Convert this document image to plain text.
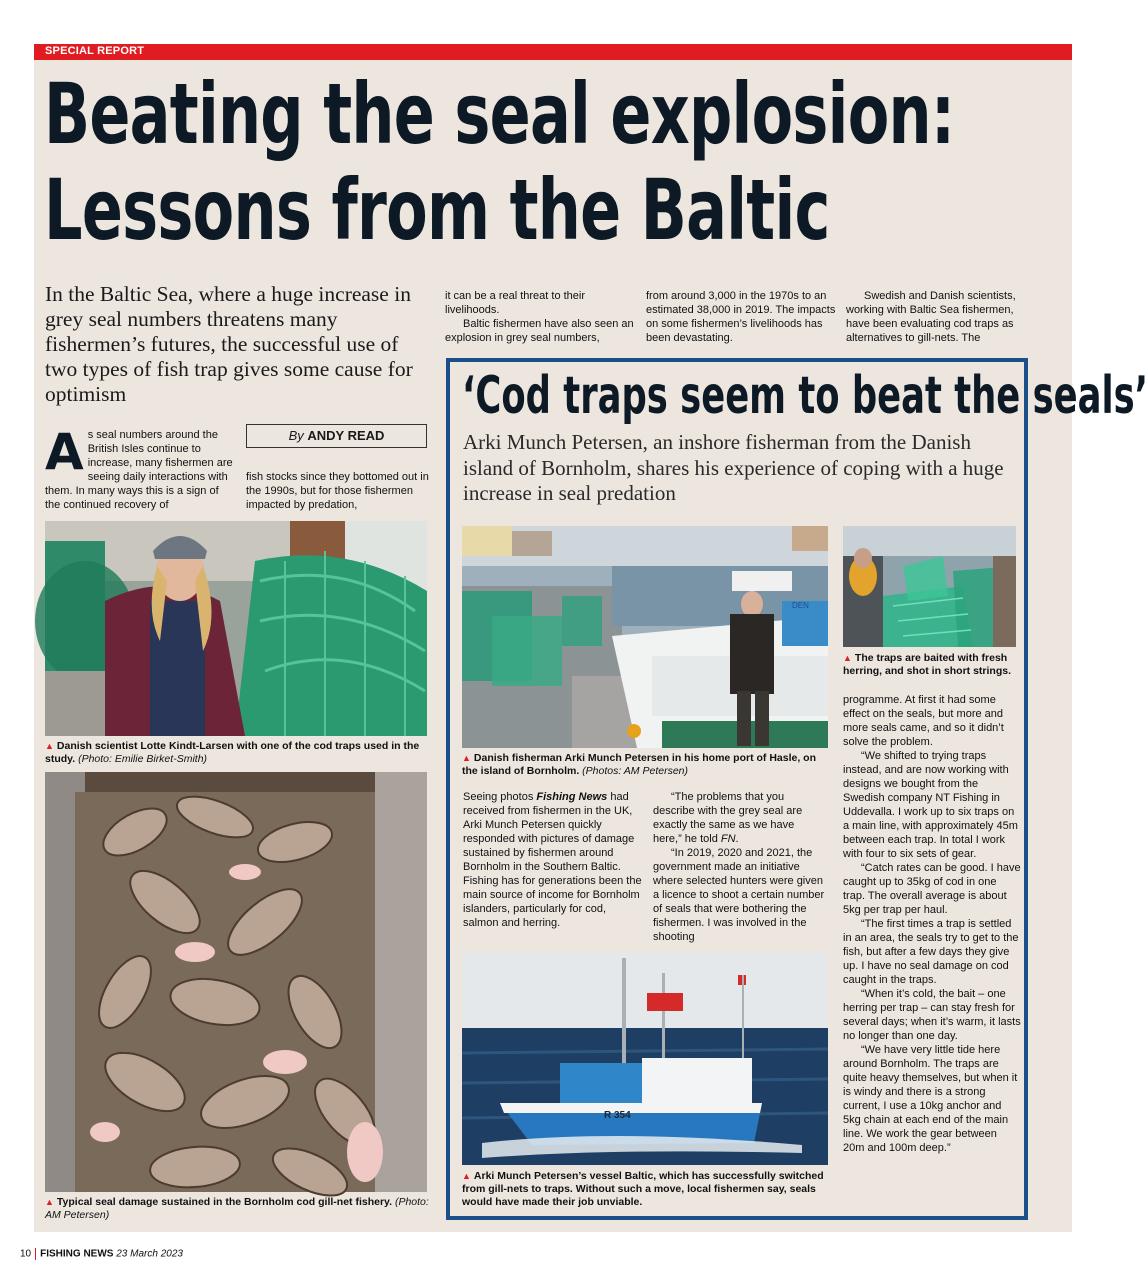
SPECIAL REPORT
Beating the seal explosion:
Lessons from the Baltic
In the Baltic Sea, where a huge increase in grey seal numbers threatens many fishermen’s futures, the successful use of two types of fish trap gives some cause for optimism

it can be a real threat to their livelihoods.

Baltic fishermen have also seen an explosion in grey seal numbers,

from around 3,000 in the 1970s to an estimated 38,000 in 2019. The impacts on some fishermen’s livelihoods has been devastating.

Swedish and Danish scientists, working with Baltic Sea fishermen, have been evaluating cod traps as alternatives to gill-nets. The

By ANDY READ
A s seal numbers around the British Isles continue to increase, many fishermen are seeing daily interactions with them. In many ways this is a sign of the continued recovery of

fish stocks since they bottomed out in the 1990s, but for those fishermen impacted by predation,

▲ Danish scientist Lotte Kindt-Larsen with one of the cod traps used in the study. (Photo: Emilie Birket-Smith)
▲ Typical seal damage sustained in the Bornholm cod gill-net fishery. (Photo: AM Petersen)
‘Cod traps seem to beat the seals’
Arki Munch Petersen, an inshore fisherman from the Danish island of Bornholm, shares his experience of coping with a huge increase in seal predation
DEN
▲ Danish fisherman Arki Munch Petersen in his home port of Hasle, on the island of Bornholm. (Photos: AM Petersen)
▲ The traps are baited with fresh herring, and shot in short strings.

Seeing photos Fishing News had received from fishermen in the UK, Arki Munch Petersen quickly responded with pictures of damage sustained by fishermen around Bornholm in the Southern Baltic. Fishing has for generations been the main source of income for Bornholm islanders, particularly for cod, salmon and herring.

“The problems that you describe with the grey seal are exactly the same as we have here,” he told FN.

“In 2019, 2020 and 2021, the government made an initiative where selected hunters were given a licence to shoot a certain number of seals that were bothering the fishermen. I was involved in the shooting

programme. At first it had some effect on the seals, but more and more seals came, and so it didn’t solve the problem.

“We shifted to trying traps instead, and are now working with designs we bought from the Swedish company NT Fishing in Uddevalla. I work up to six traps on a main line, with approximately 45m between each trap. In total I work with four to six sets of gear.

“Catch rates can be good. I have caught up to 35kg of cod in one trap. The overall average is about 5kg per trap per haul.

“The first times a trap is settled in an area, the seals try to get to the fish, but after a few days they give up. I have no seal damage on cod caught in the traps.

“When it’s cold, the bait – one herring per trap – can stay fresh for several days; when it’s warm, it lasts no longer than one day.

“We have very little tide here around Bornholm. The traps are quite heavy themselves, but when it is windy and there is a strong current, I use a 10kg anchor and 5kg chain at each end of the main line. We work the gear between 20m and 100m deep.”

R 354
▲ Arki Munch Petersen’s vessel Baltic, which has successfully switched from gill-nets to traps. Without such a move, local fishermen say, seals would have made their job unviable.
10 FISHING NEWS 23 March 2023
